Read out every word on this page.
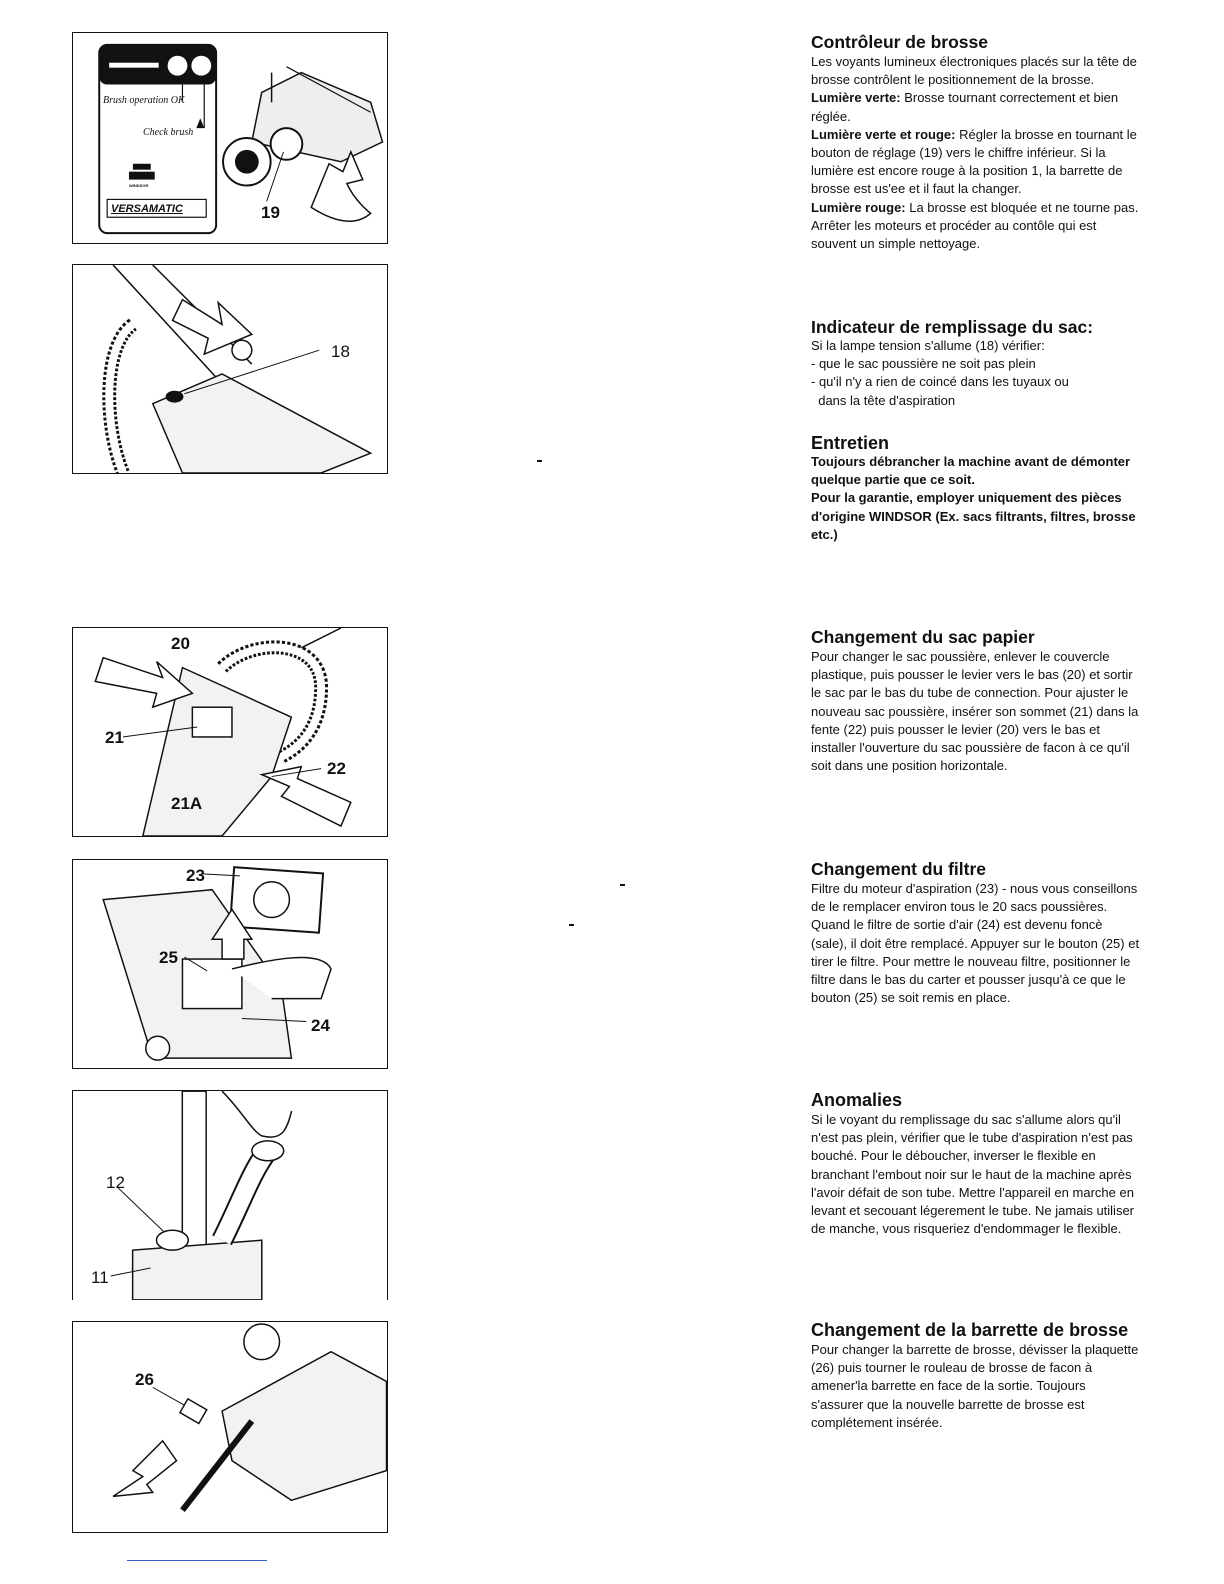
Brush operation OK
Check brush
WINDSOR
VERSAMATIC	19
18
20
21
21A
22
23
25
24
12
11
26
Contrôleur de brosse

Les voyants lumineux électroniques placés sur la tête de brosse contrôlent le positionnement de la brosse.

Lumière verte: Brosse tournant correctement et bien réglée.

Lumière verte et rouge: Régler la brosse en tournant le bouton de réglage (19) vers le chiffre inférieur. Si la lumière est encore rouge à la position 1, la barrette de brosse est us'ee et il faut la changer.

Lumière rouge: La brosse est bloquée et ne tourne pas. Arrêter les moteurs et procéder au contôle qui est souvent un simple nettoyage.

Indicateur de remplissage du sac:

Si la lampe tension s'allume (18) vérifier:

- que le sac poussière ne soit pas plein

- qu'il n'y a rien de coincé dans les tuyaux ou

dans la tête d'aspiration

Entretien

Toujours débrancher la machine avant de démonter quelque partie que ce soit.

Pour la garantie, employer uniquement des pièces d'origine WINDSOR (Ex. sacs filtrants, filtres, brosse etc.)

Changement du sac papier

Pour changer le sac poussière, enlever le couvercle plastique, puis pousser le levier vers le bas (20) et sortir le sac par le bas du tube de connection. Pour ajuster le nouveau sac poussière, insérer son sommet (21) dans la fente (22) puis pousser le levier (20) vers le bas et installer l'ouverture du sac poussière de facon à ce qu'il soit dans une position horizontale.

Changement du filtre

Filtre du moteur d'aspiration (23) - nous vous conseillons de le remplacer environ tous le 20 sacs poussières. Quand le filtre de sortie d'air (24) est devenu foncè (sale), il doit être remplacé. Appuyer sur le bouton (25) et tirer le filtre. Pour mettre le nouveau filtre, positionner le filtre dans le bas du carter et pousser jusqu'à ce que le bouton (25) se soit remis en place.

Anomalies

Si le voyant du remplissage du sac s'allume alors qu'il n'est pas plein, vérifier que le tube d'aspiration n'est pas bouché. Pour le déboucher, inverser le flexible en branchant l'embout noir sur le haut de la machine après l'avoir défait de son tube. Mettre l'appareil en marche en levant et secouant légerement le tube. Ne jamais utiliser de manche, vous risqueriez d'endommager le flexible.

Changement de la barrette de brosse

Pour changer la barrette de brosse, dévisser la plaquette (26) puis tourner le rouleau de brosse de facon à amener'la barrette en face de la sortie. Toujours s'assurer que la nouvelle barrette de brosse est complétement insérée.
